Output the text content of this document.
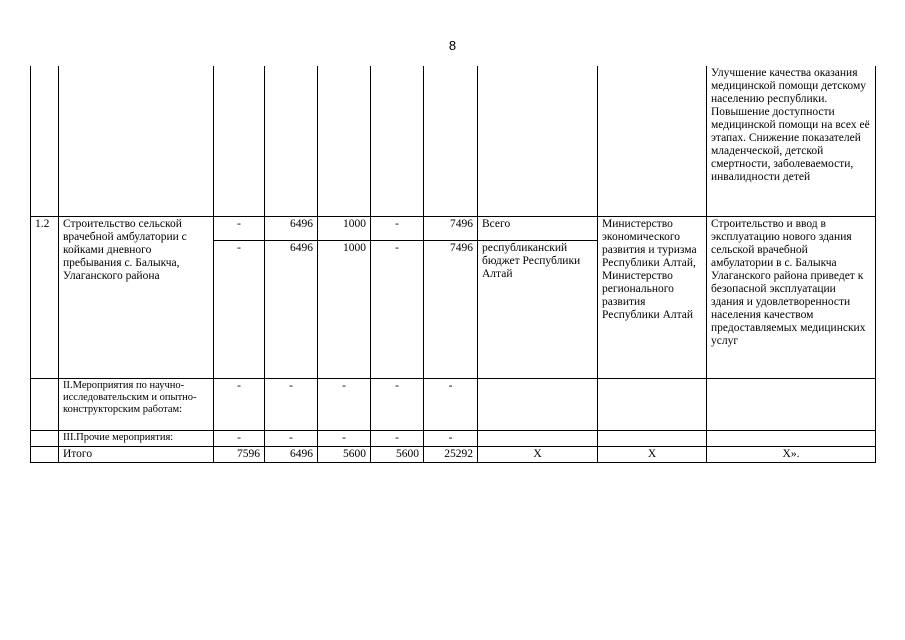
8
									Улучшение качества оказания медицинской помощи детскому населению республики. Повышение доступности медицинской помощи на всех её этапах. Снижение показателей младенческой, детской смертности, заболеваемости, инвалидности детей
1.2	Строительство сельской врачебной амбулатории с койками дневного пребывания с. Балыкча, Улаганского района	-	6496	1000	-	7496	Всего	Министерство экономического развития и туризма Республики Алтай, Министерство регионального развития Республики Алтай	Строительство и ввод в эксплуатацию нового здания сельской врачебной амбулатории в с. Балыкча Улаганского района приведет к безопасной эксплуатации здания и удовлетворенности населения качеством предоставляемых медицинских услуг
		-	6496	1000	-	7496	республиканский бюджет Республики Алтай		
	II.Мероприятия по научно-исследовательским и опытно-конструкторским работам:	-	-	-	-	-			
	III.Прочие мероприятия:	-	-	-	-	-			
	Итого	7596	6496	5600	5600	25292	Х	Х	Х».
